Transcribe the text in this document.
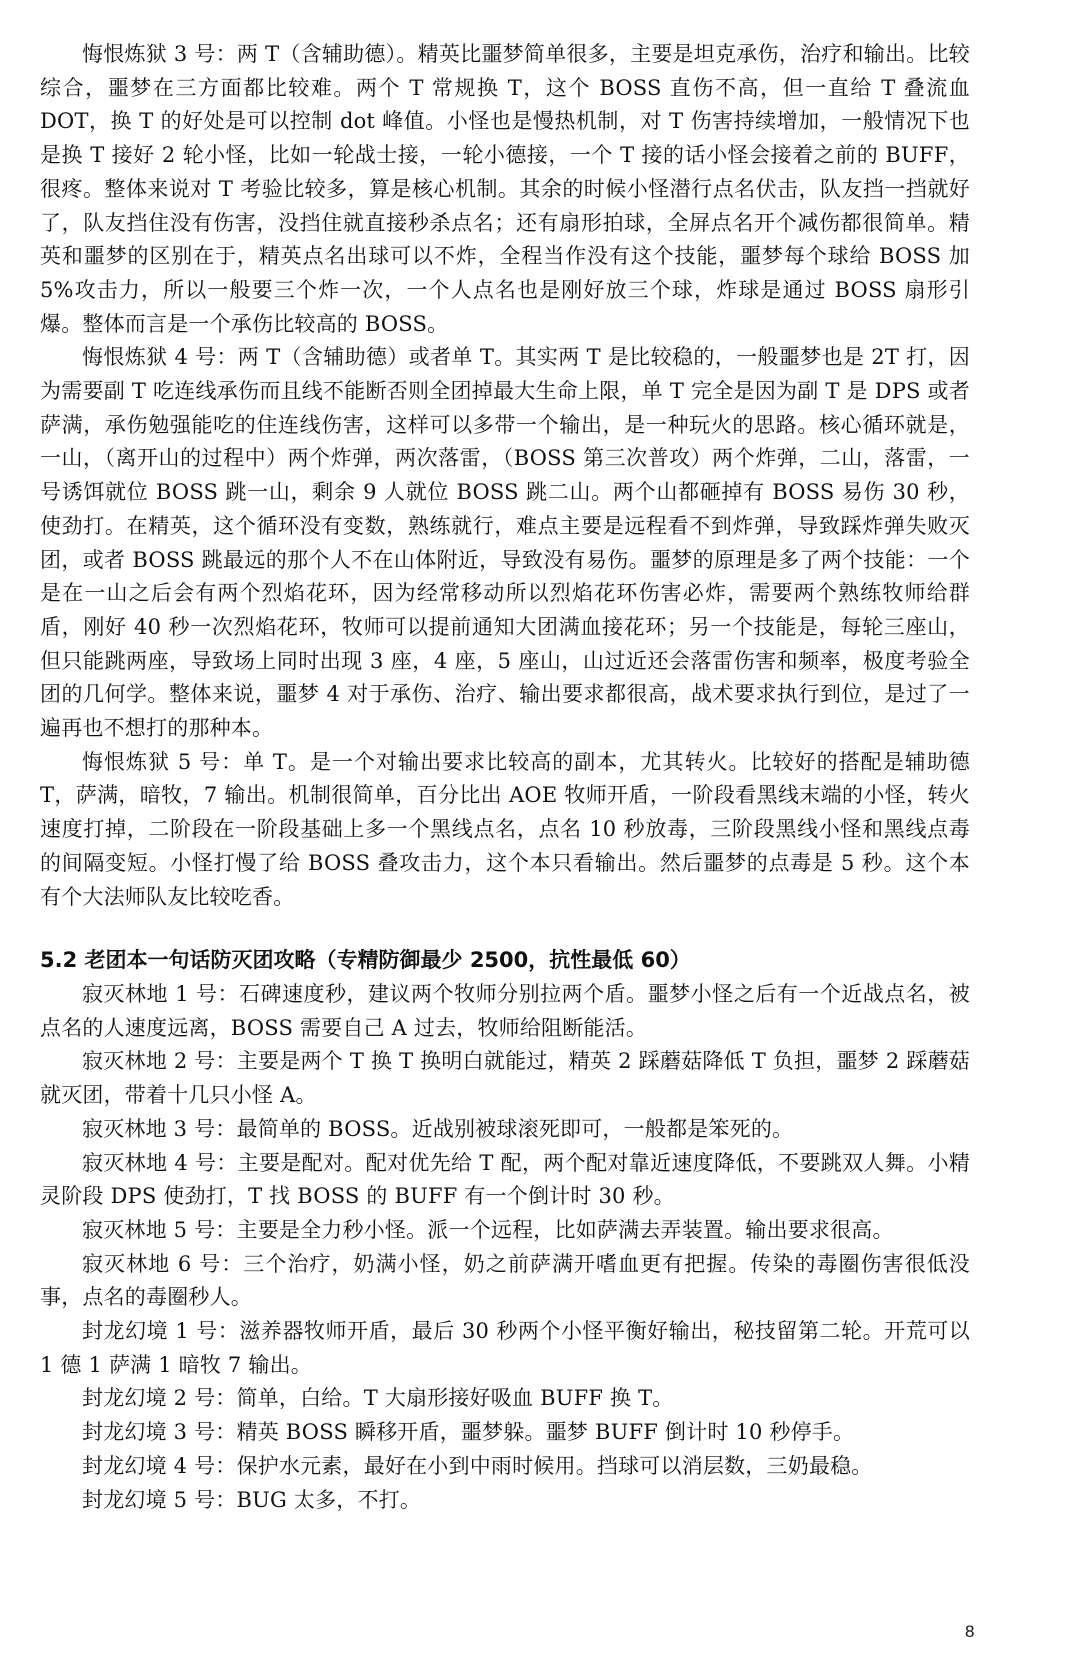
悔恨炼狱 3 号：两 T（含辅助德）。精英比噩梦简单很多，主要是坦克承伤，治疗和输出。比较综合，噩梦在三方面都比较难。两个 T 常规换 T，这个 BOSS 直伤不高，但一直给 T 叠流血 DOT，换 T 的好处是可以控制 dot 峰值。小怪也是慢热机制，对 T 伤害持续增加，一般情况下也是换 T 接好 2 轮小怪，比如一轮战士接，一轮小德接，一个 T 接的话小怪会接着之前的 BUFF，很疼。整体来说对 T 考验比较多，算是核心机制。其余的时候小怪潜行点名伏击，队友挡一挡就好了，队友挡住没有伤害，没挡住就直接秒杀点名；还有扇形拍球，全屏点名开个减伤都很简单。精英和噩梦的区别在于，精英点名出球可以不炸，全程当作没有这个技能，噩梦每个球给 BOSS 加 5%攻击力，所以一般要三个炸一次，一个人点名也是刚好放三个球，炸球是通过 BOSS 扇形引爆。整体而言是一个承伤比较高的 BOSS。

悔恨炼狱 4 号：两 T（含辅助德）或者单 T。其实两 T 是比较稳的，一般噩梦也是 2T 打，因为需要副 T 吃连线承伤而且线不能断否则全团掉最大生命上限，单 T 完全是因为副 T 是 DPS 或者萨满，承伤勉强能吃的住连线伤害，这样可以多带一个输出，是一种玩火的思路。核心循环就是，一山，（离开山的过程中）两个炸弹，两次落雷，（BOSS 第三次普攻）两个炸弹，二山，落雷，一号诱饵就位 BOSS 跳一山，剩余 9 人就位 BOSS 跳二山。两个山都砸掉有 BOSS 易伤 30 秒，使劲打。在精英，这个循环没有变数，熟练就行，难点主要是远程看不到炸弹，导致踩炸弹失败灭团，或者 BOSS 跳最远的那个人不在山体附近，导致没有易伤。噩梦的原理是多了两个技能：一个是在一山之后会有两个烈焰花环，因为经常移动所以烈焰花环伤害必炸，需要两个熟练牧师给群盾，刚好 40 秒一次烈焰花环，牧师可以提前通知大团满血接花环；另一个技能是，每轮三座山，但只能跳两座，导致场上同时出现 3 座，4 座，5 座山，山过近还会落雷伤害和频率，极度考验全团的几何学。整体来说，噩梦 4 对于承伤、治疗、输出要求都很高，战术要求执行到位，是过了一遍再也不想打的那种本。

悔恨炼狱 5 号：单 T。是一个对输出要求比较高的副本，尤其转火。比较好的搭配是辅助德 T，萨满，暗牧，7 输出。机制很简单，百分比出 AOE 牧师开盾，一阶段看黑线末端的小怪，转火速度打掉，二阶段在一阶段基础上多一个黑线点名，点名 10 秒放毒，三阶段黑线小怪和黑线点毒的间隔变短。小怪打慢了给 BOSS 叠攻击力，这个本只看输出。然后噩梦的点毒是 5 秒。这个本有个大法师队友比较吃香。

5.2 老团本一句话防灭团攻略（专精防御最少 2500，抗性最低 60）

寂灭林地 1 号：石碑速度秒，建议两个牧师分别拉两个盾。噩梦小怪之后有一个近战点名，被点名的人速度远离，BOSS 需要自己 A 过去，牧师给阻断能活。

寂灭林地 2 号：主要是两个 T 换 T 换明白就能过，精英 2 踩蘑菇降低 T 负担，噩梦 2 踩蘑菇就灭团，带着十几只小怪 A。

寂灭林地 3 号：最简单的 BOSS。近战别被球滚死即可，一般都是笨死的。

寂灭林地 4 号：主要是配对。配对优先给 T 配，两个配对靠近速度降低，不要跳双人舞。小精灵阶段 DPS 使劲打，T 找 BOSS 的 BUFF 有一个倒计时 30 秒。

寂灭林地 5 号：主要是全力秒小怪。派一个远程，比如萨满去弄装置。输出要求很高。

寂灭林地 6 号：三个治疗，奶满小怪，奶之前萨满开嗜血更有把握。传染的毒圈伤害很低没事，点名的毒圈秒人。

封龙幻境 1 号：滋养器牧师开盾，最后 30 秒两个小怪平衡好输出，秘技留第二轮。开荒可以 1 德 1 萨满 1 暗牧 7 输出。

封龙幻境 2 号：简单，白给。T 大扇形接好吸血 BUFF 换 T。

封龙幻境 3 号：精英 BOSS 瞬移开盾，噩梦躲。噩梦 BUFF 倒计时 10 秒停手。

封龙幻境 4 号：保护水元素，最好在小到中雨时候用。挡球可以消层数，三奶最稳。

封龙幻境 5 号：BUG 太多，不打。

8
